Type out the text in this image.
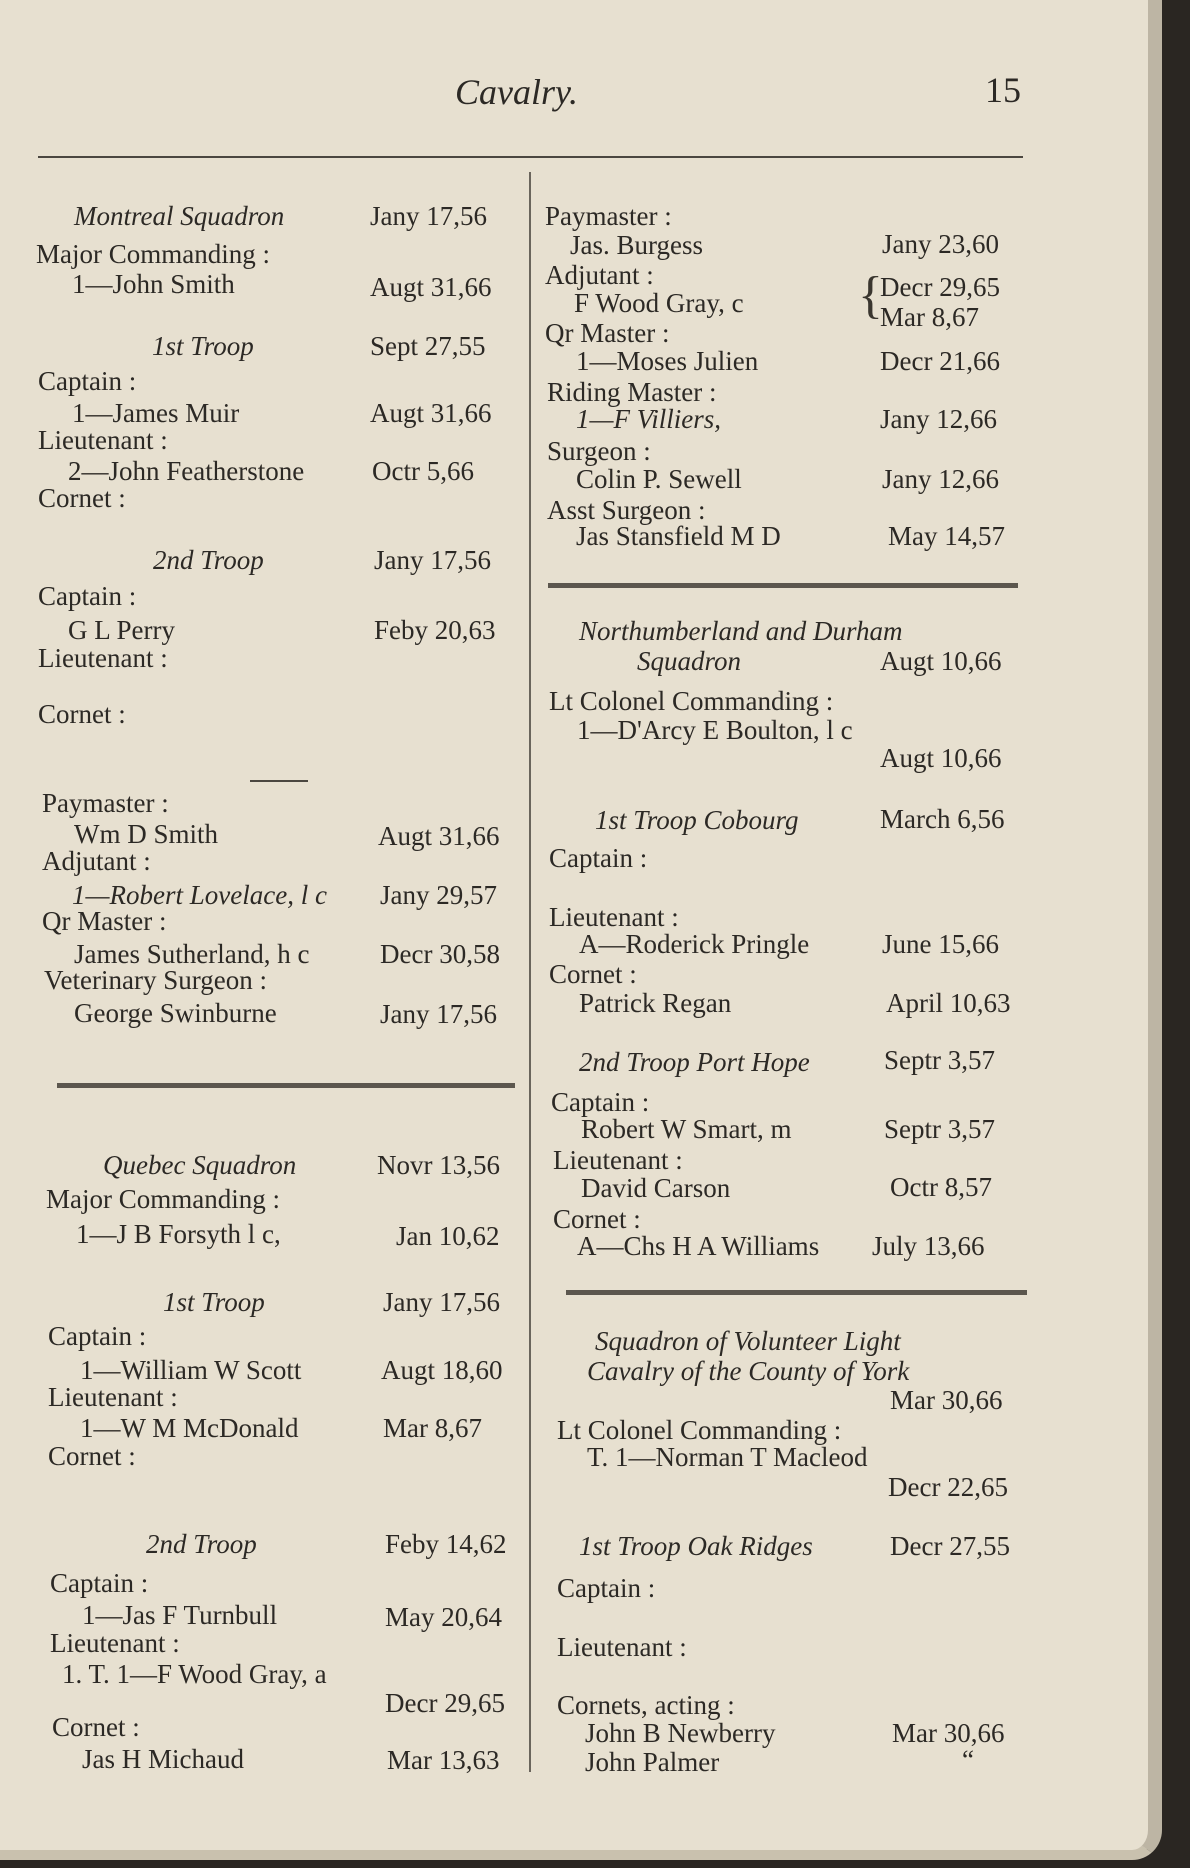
Cavalry.	15
Montreal Squadron	Jany 17,56
Major Commanding :
1—John Smith	Augt 31,66
1st Troop	Sept 27,55
Captain :
1—James Muir	Augt 31,66
Lieutenant :
2—John Featherstone	Octr 5,66
Cornet :
2nd Troop	Jany 17,56
Captain :
G L Perry	Feby 20,63
Lieutenant :
Cornet :
Paymaster :
Wm D Smith	Augt 31,66
Adjutant :
1—Robert Lovelace, l c Jany 29,57
Qr Master :
James Sutherland, h c	Decr 30,58
Veterinary Surgeon :
George Swinburne	Jany 17,56
Quebec Squadron	Novr 13,56
Major Commanding :
1—J B Forsyth l c,	Jan 10,62
1st Troop	Jany 17,56
Captain :
1—William W Scott	Augt 18,60
Lieutenant :
1—W M McDonald	Mar 8,67
Cornet :
2nd Troop	Feby 14,62
Captain :
1—Jas F Turnbull	May 20,64
Lieutenant :
1. T. 1—F Wood Gray, a
Decr 29,65
Cornet :
Jas H Michaud	Mar 13,63
Paymaster :
Jas. Burgess	Jany 23,60
Adjutant :
F Wood Gray, c {
Decr 29,65
Mar 8,67
Qr Master :
1—Moses Julien	Decr 21,66
Riding Master :
1—F Villiers,	Jany 12,66
Surgeon :
Colin P. Sewell	Jany 12,66
Asst Surgeon :
Jas Stansfield M D	May 14,57
Northumberland and Durham
Squadron	Augt 10,66
Lt Colonel Commanding :
1—D'Arcy E Boulton, l c
Augt 10,66
1st Troop Cobourg	March 6,56
Captain :
Lieutenant :
A—Roderick Pringle	June 15,66
Cornet :
Patrick Regan	April 10,63
2nd Troop Port Hope	Septr 3,57
Captain :
Robert W Smart, m	Septr 3,57
Lieutenant :
David Carson	Octr 8,57
Cornet :
A—Chs H A Williams July 13,66
Squadron of Volunteer Light
Cavalry of the County of York
Mar 30,66
Lt Colonel Commanding :
T. 1—Norman T Macleod
Decr 22,65
1st Troop Oak Ridges	Decr 27,55
Captain :
Lieutenant :
Cornets, acting :
John B Newberry	Mar 30,66
John Palmer	“
